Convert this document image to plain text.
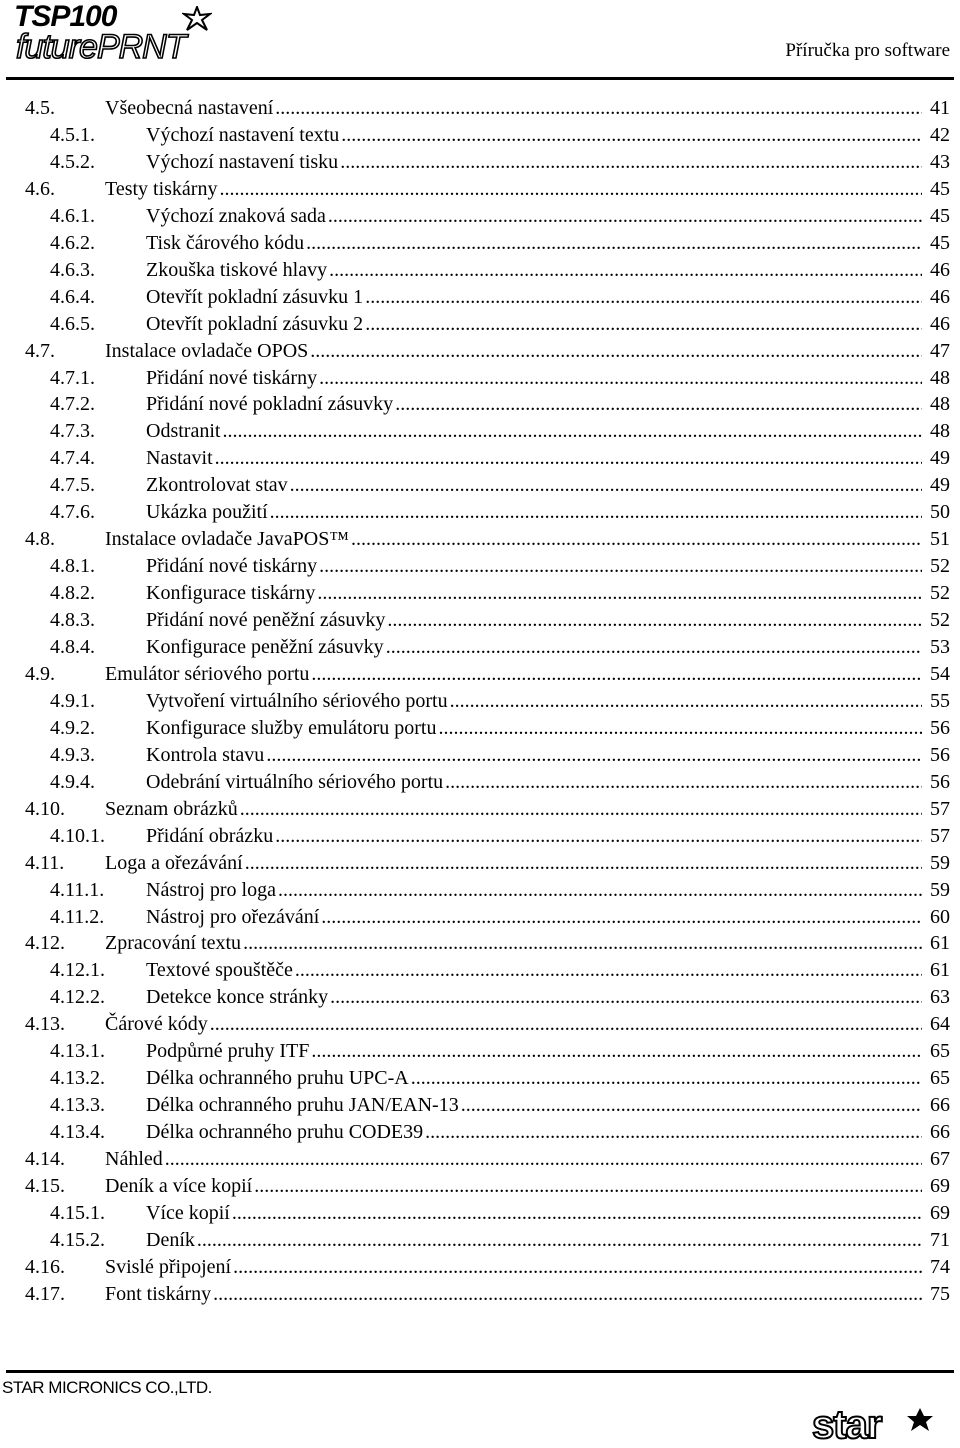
TSP100
futurePRNT	Příručka pro software
4.5.	Všeobecná nastavení .....	41
4.5.1.	Výchozí nastavení textu .....	42
4.5.2.	Výchozí nastavení tisku .....	43
4.6.	Testy tiskárny .....	45
4.6.1.	Výchozí znaková sada .....	45
4.6.2.	Tisk čárového kódu .....	45
4.6.3.	Zkouška tiskové hlavy .....	46
4.6.4.	Otevřít pokladní zásuvku 1 .....	46
4.6.5.	Otevřít pokladní zásuvku 2 .....	46
4.7.	Instalace ovladače OPOS .....	47
4.7.1.	Přidání nové tiskárny .....	48
4.7.2.	Přidání nové pokladní zásuvky .....	48
4.7.3.	Odstranit .....	48
4.7.4.	Nastavit .....	49
4.7.5.	Zkontrolovat stav .....	49
4.7.6.	Ukázka použití .....	50
4.8.	Instalace ovladače JavaPOS™ .....	51
4.8.1.	Přidání nové tiskárny .....	52
4.8.2.	Konfigurace tiskárny .....	52
4.8.3.	Přidání nové peněžní zásuvky .....	52
4.8.4.	Konfigurace peněžní zásuvky .....	53
4.9.	Emulátor sériového portu .....	54
4.9.1.	Vytvoření virtuálního sériového portu .....	55
4.9.2.	Konfigurace služby emulátoru portu .....	56
4.9.3.	Kontrola stavu .....	56
4.9.4.	Odebrání virtuálního sériového portu .....	56
4.10. Seznam obrázků .....	57
4.10.1. Přidání obrázku .....	57
4.11. Loga a ořezávání .....	59
4.11.1. Nástroj pro loga .....	59
4.11.2. Nástroj pro ořezávání .....	60
4.12. Zpracování textu .....	61
4.12.1. Textové spouštěče .....	61
4.12.2. Detekce konce stránky .....	63
4.13. Čárové kódy .....	64
4.13.1. Podpůrné pruhy ITF .....	65
4.13.2. Délka ochranného pruhu UPC-A .....	65
4.13.3. Délka ochranného pruhu JAN/EAN-13 .....	66
4.13.4. Délka ochranného pruhu CODE39 .....	66
4.14. Náhled .....	67
4.15. Deník a více kopií .....	69
4.15.1. Více kopií .....	69
4.15.2. Deník .....	71
4.16. Svislé připojení .....	74
4.17. Font tiskárny .....	75
STAR MICRONICS CO.,LTD.
star
